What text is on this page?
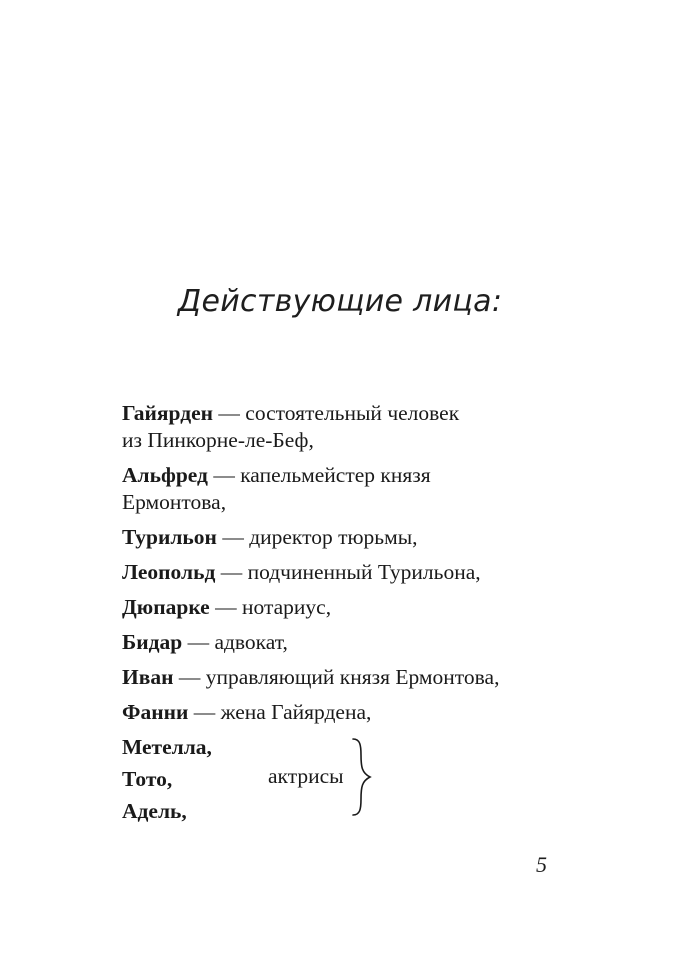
Действующие лица:
Гайярден — состоятельный человек
из Пинкорне-ле-Беф,
Альфред — капельмейстер князя
Ермонтова,
Турильон — директор тюрьмы,
Леопольд — подчиненный Турильона,
Дюпарке — нотариус,
Бидар — адвокат,
Иван — управляющий князя Ермонтова,
Фанни — жена Гайярдена,
Метелла,
Тото,
Адель,
актрисы
5
